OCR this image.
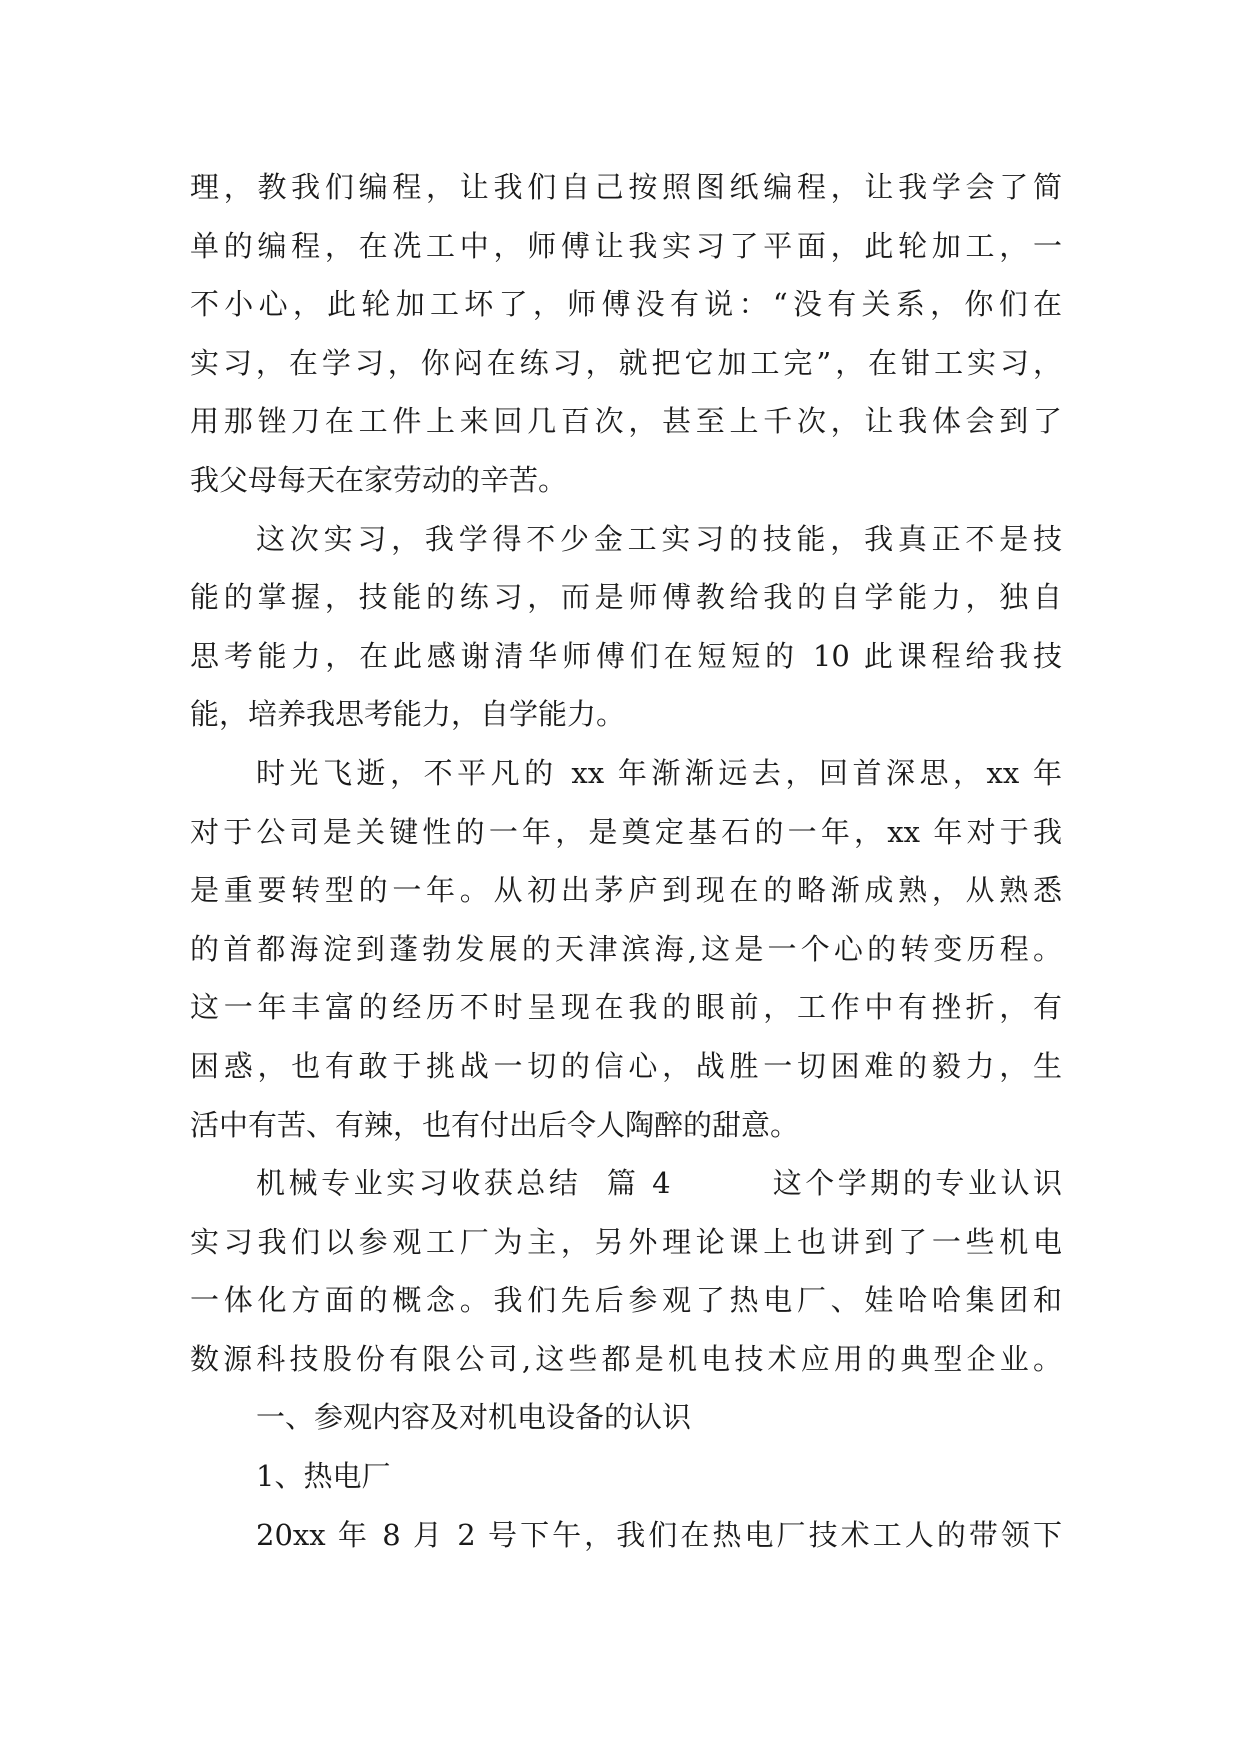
理，教我们编程，让我们自己按照图纸编程，让我学会了简
单的编程，在冼工中，师傅让我实习了平面，此轮加工，一
不小心，此轮加工坏了，师傅没有说：“没有关系，你们在
实习，在学习，你闷在练习，就把它加工完”，在钳工实习，
用那锉刀在工件上来回几百次，甚至上千次，让我体会到了
我父母每天在家劳动的辛苦。
这次实习，我学得不少金工实习的技能，我真正不是技
能的掌握，技能的练习，而是师傅教给我的自学能力，独自
思考能力，在此感谢清华师傅们在短短的 10 此课程给我技
能，培养我思考能力，自学能力。
时光飞逝，不平凡的 xx 年渐渐远去，回首深思，xx 年
对于公司是关键性的一年，是奠定基石的一年，xx 年对于我
是重要转型的一年。从初出茅庐到现在的略渐成熟，从熟悉
的首都海淀到蓬勃发展的天津滨海,这是一个心的转变历程。
这一年丰富的经历不时呈现在我的眼前，工作中有挫折，有
困惑，也有敢于挑战一切的信心，战胜一切困难的毅力，生
活中有苦、有辣，也有付出后令人陶醉的甜意。
机械专业实习收获总结  篇 4        这个学期的专业认识
实习我们以参观工厂为主，另外理论课上也讲到了一些机电
一体化方面的概念。我们先后参观了热电厂、娃哈哈集团和
数源科技股份有限公司,这些都是机电技术应用的典型企业。
一、参观内容及对机电设备的认识
1、热电厂
20xx 年 8 月 2 号下午，我们在热电厂技术工人的带领下
